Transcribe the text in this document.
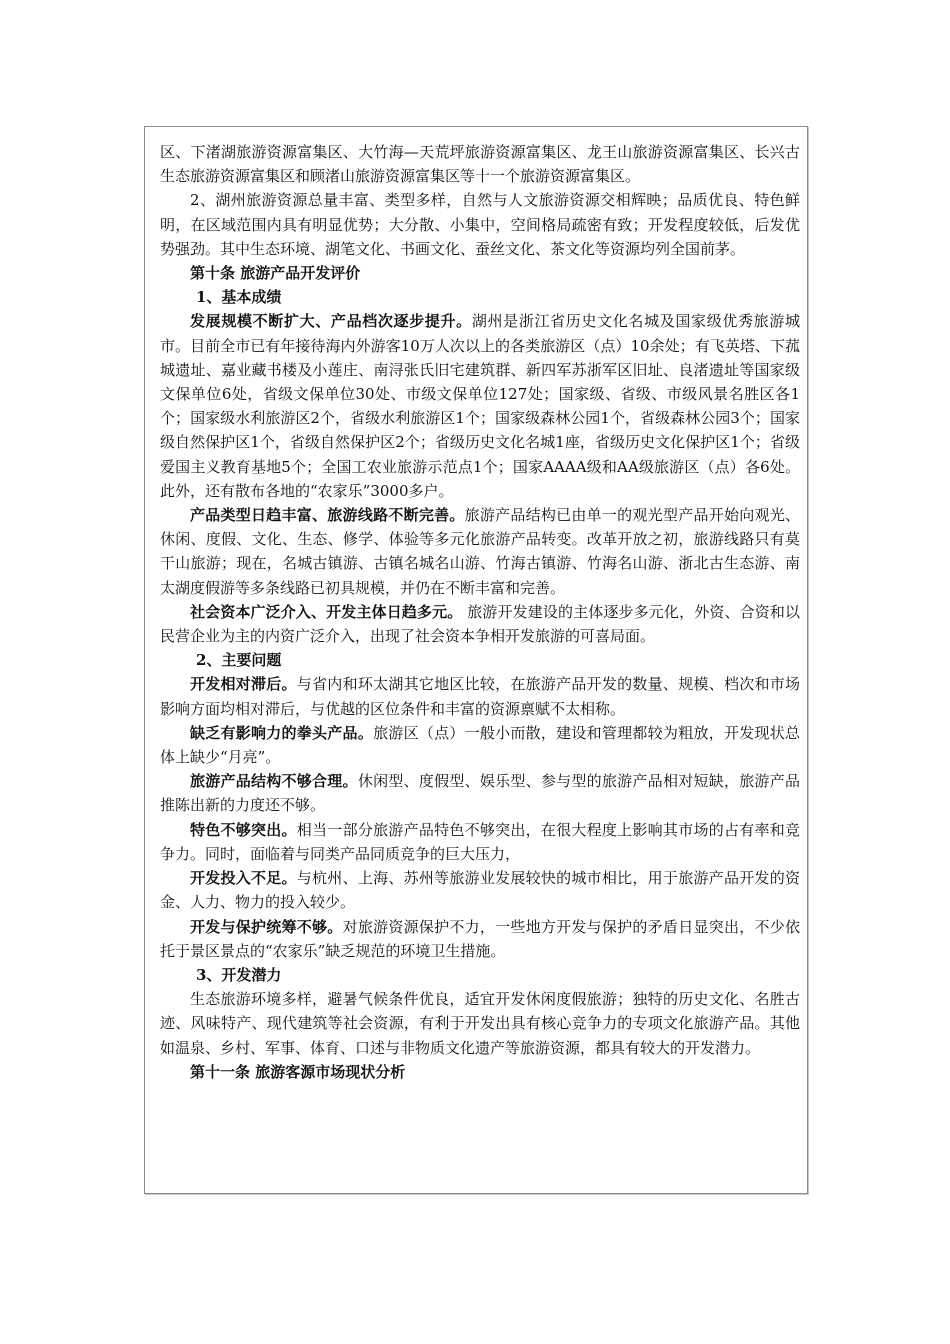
区、下渚湖旅游资源富集区、大竹海—天荒坪旅游资源富集区、龙王山旅游资源富集区、长兴古生态旅游资源富集区和顾渚山旅游资源富集区等十一个旅游资源富集区。

2、湖州旅游资源总量丰富、类型多样，自然与人文旅游资源交相辉映；品质优良、特色鲜明，在区域范围内具有明显优势；大分散、小集中，空间格局疏密有致；开发程度较低，后发优势强劲。其中生态环境、湖笔文化、书画文化、蚕丝文化、茶文化等资源均列全国前茅。

第十条 旅游产品开发评价

1、基本成绩

发展规模不断扩大、产品档次逐步提升。湖州是浙江省历史文化名城及国家级优秀旅游城市。目前全市已有年接待海内外游客10万人次以上的各类旅游区（点）10余处；有飞英塔、下菰城遗址、嘉业藏书楼及小莲庄、南浔张氏旧宅建筑群、新四军苏浙军区旧址、良渚遗址等国家级文保单位6处，省级文保单位30处、市级文保单位127处；国家级、省级、市级风景名胜区各1个；国家级水利旅游区2个，省级水利旅游区1个；国家级森林公园1个，省级森林公园3个；国家级自然保护区1个，省级自然保护区2个；省级历史文化名城1座，省级历史文化保护区1个；省级爱国主义教育基地5个；全国工农业旅游示范点1个；国家AAAA级和AA级旅游区（点）各6处。此外，还有散布各地的“农家乐”3000多户。

产品类型日趋丰富、旅游线路不断完善。旅游产品结构已由单一的观光型产品开始向观光、休闲、度假、文化、生态、修学、体验等多元化旅游产品转变。改革开放之初，旅游线路只有莫干山旅游；现在，名城古镇游、古镇名城名山游、竹海古镇游、竹海名山游、浙北古生态游、南太湖度假游等多条线路已初具规模，并仍在不断丰富和完善。

社会资本广泛介入、开发主体日趋多元。 旅游开发建设的主体逐步多元化，外资、合资和以民营企业为主的内资广泛介入，出现了社会资本争相开发旅游的可喜局面。

2、主要问题

开发相对滞后。与省内和环太湖其它地区比较，在旅游产品开发的数量、规模、档次和市场影响方面均相对滞后，与优越的区位条件和丰富的资源禀赋不太相称。

缺乏有影响力的拳头产品。旅游区（点）一般小而散，建设和管理都较为粗放，开发现状总体上缺少“月亮”。

旅游产品结构不够合理。休闲型、度假型、娱乐型、参与型的旅游产品相对短缺，旅游产品推陈出新的力度还不够。

特色不够突出。相当一部分旅游产品特色不够突出，在很大程度上影响其市场的占有率和竞争力。同时，面临着与同类产品同质竞争的巨大压力，

开发投入不足。与杭州、上海、苏州等旅游业发展较快的城市相比，用于旅游产品开发的资金、人力、物力的投入较少。

开发与保护统筹不够。对旅游资源保护不力，一些地方开发与保护的矛盾日显突出，不少依托于景区景点的“农家乐”缺乏规范的环境卫生措施。

3、开发潜力

生态旅游环境多样，避暑气候条件优良，适宜开发休闲度假旅游；独特的历史文化、名胜古迹、风味特产、现代建筑等社会资源，有利于开发出具有核心竞争力的专项文化旅游产品。其他如温泉、乡村、军事、体育、口述与非物质文化遗产等旅游资源，都具有较大的开发潜力。

第十一条 旅游客源市场现状分析
